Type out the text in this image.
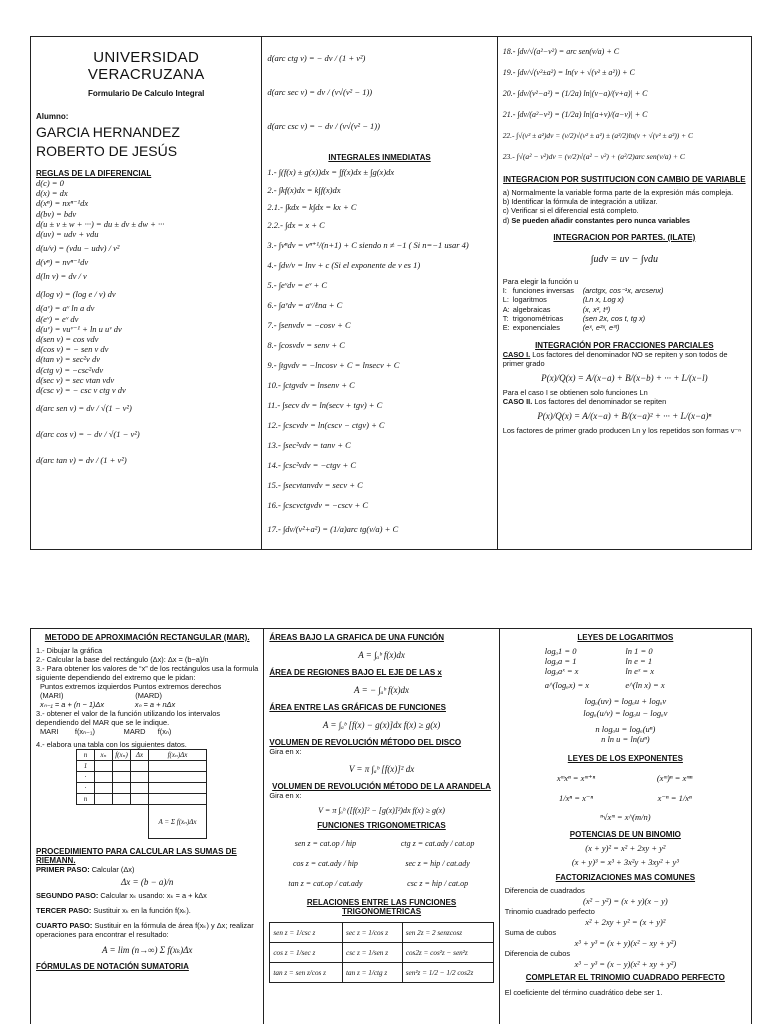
UNIVERSIDAD VERACRUZANA
Formulario De Calculo Integral
Alumno:
GARCIA HERNANDEZ
ROBERTO DE JESÚS
REGLAS DE LA DIFERENCIAL
d(c) = 0
d(x) = dx
d(xⁿ) = nxⁿ⁻¹dx
d(bv) = bdv
d(u ± v ± w + ···) = du ± dv ± dw + ···
d(uv) = udv + vdu
d(u/v) = (vdu − udv) / v²
d(vⁿ) = nvⁿ⁻¹dv
d(ln v) = dv / v
d(log v) = (log e / v) dv
d(aᵛ) = aᵛ ln a dv
d(eᵛ) = eᵛ dv
d(uᵛ) = vuᵛ⁻¹ + ln u uᵛ dv
d(sen v) = cos vdv
d(cos v) = − sen v dv
d(tan v) = sec²v dv
d(ctg v) = −csc²vdv
d(sec v) = sec vtan vdv
d(csc v) = − csc v ctg v dv
d(arc sen v) = dv / √(1 − v²)
d(arc cos v) = − dv / √(1 − v²)
d(arc tan v) = dv / (1 + v²)
d(arc ctg v) = − dv / (1 + v²)
d(arc sec v) = dv / (v√(v² − 1))
d(arc csc v) = − dv / (v√(v² − 1))
INTEGRALES INMEDIATAS
1.- ∫(f(x) ± g(x))dx = ∫f(x)dx ± ∫g(x)dx
2.- ∫kf(x)dx = k∫f(x)dx
2.1.- ∫kdx = k∫dx = kx + C
2.2.- ∫dx = x + C
3.- ∫vⁿdv = vⁿ⁺¹/(n+1) + C siendo n ≠ −1 ( Si n=−1 usar 4)
4.- ∫dv/v = lnv + c (Si el exponente de v es 1)
5.- ∫eᵛdv = eᵛ + C
6.- ∫aᵛdv = aᵛ/ℓna + C
7.- ∫senvdv = −cosv + C
8.- ∫cosvdv = senv + C
9.- ∫tgvdv = −lncosv + C = lnsecv + C
10.- ∫ctgvdv = lnsenv + C
11.- ∫secv dv = ln(secv + tgv) + C
12.- ∫cscvdv = ln(cscv − ctgv) + C
13.- ∫sec²vdv = tanv + C
14.- ∫csc²vdv = −ctgv + C
15.- ∫secvtanvdv = secv + C
16.- ∫cscvctgvdv = −cscv + C
17.- ∫dv/(v²+a²) = (1/a)arc tg(v/a) + C
18.- ∫dv/√(a²−v²) = arc sen(v/a) + C
19.- ∫dv/√(v²±a²) = ln(v + √(v² ± a²)) + C
20.- ∫dv/(v²−a²) = (1/2a) ln|(v−a)/(v+a)| + C
21.- ∫dv/(a²−v²) = (1/2a) ln|(a+v)/(a−v)| + C
22.- ∫√(v² ± a²)dv = (v/2)√(v² ± a²) ± (a²/2)ln(v + √(v² ± a²)) + C
23.- ∫√(a² − v²)dv = (v/2)√(a² − v²) + (a²/2)arc sen(v/a) + C
INTEGRACION POR SUSTITUCION CON CAMBIO DE VARIABLE
a) Normalmente la variable forma parte de la expresión más compleja.
b) Identificar la fórmula de integración a utilizar.
c) Verificar si el diferencial está completo.
d) Se pueden añadir constantes pero nunca variables
INTEGRACION POR PARTES. (ILATE)
∫udv = uv − ∫vdu
Para elegir la función u
I: funciones inversas (arctgx, cos⁻¹x, arcsenx)
L: logaritmos	(Ln x, Log x)
A: algebraicas	(x, x², t³)
T: trigonométricas	(sen 2x, cos t, tg x)
E: exponenciales	(eˣ, e²ˣ, e³ᵗ)
INTEGRACIÓN POR FRACCIONES PARCIALES
CASO I. Los factores del denominador NO se repiten y son todos de primer grado
P(x)/Q(x) = A/(x−a) + B/(x−b) + ··· + L/(x−l)
Para el caso I se obtienen solo funciones Ln
CASO II. Los factores del denominador se repiten
P(x)/Q(x) = A/(x−a) + B/(x−a)² + ··· + L/(x−a)ⁿ
Los factores de primer grado producen Ln y los repetidos son formas v⁻ⁿ
METODO DE APROXIMACIÓN RECTANGULAR (MAR).
1.- Dibujar la gráfica
2.- Calcular la base del rectángulo (Δx): Δx = (b−a)/n
3.- Para obtener los valores de “x” de los rectángulos usa la formula siguiente dependiendo del extremo que le pidan:
Puntos extremos izquierdos Puntos extremos derechos
(MARI)                                   (MARD)
xₙ₋₁ = a + (n − 1)Δx               xₙ = a + nΔx
3.- obtener el valor de la función utilizando los intervalos dependiendo del MAR que se le indique.
MARI        f(xₙ₋₁)              MARD      f(xₙ)
4.- elabora una tabla con los siguientes datos.
n	xₙ	f(xₙ)	Δx	f(xₙ)Δx
1				
·				
·				
n				
				A = Σ f(xₙ)Δx
PROCEDIMIENTO PARA CALCULAR LAS SUMAS DE RIEMANN.
PRIMER PASO: Calcular (Δx)
Δx = (b − a)/n
SEGUNDO PASO: Calcular xₖ usando: xₖ = a + kΔx
TERCER PASO: Sustituir xₖ en la función f(xₖ).
CUARTO PASO: Sustituir en la fórmula de área f(xₖ) y Δx; realizar operaciones para encontrar el resultado:
A = lim (n→∞) Σ f(xₖ)Δx
FÓRMULAS DE NOTACIÓN SUMATORIA
ÁREAS BAJO LA GRAFICA DE UNA FUNCIÓN
A = ∫ₐᵇ f(x)dx
ÁREA DE REGIONES BAJO EL EJE DE LAS x
A = − ∫ₐᵇ f(x)dx
ÁREA ENTRE LAS GRÁFICAS DE FUNCIONES
A = ∫ₐᵇ [f(x) − g(x)]dx f(x) ≥ g(x)
VOLUMEN DE REVOLUCIÓN MÉTODO DEL DISCO
Gira en x:
V = π ∫ₐᵇ [f(x)]² dx
VOLUMEN DE REVOLUCIÓN MÉTODO DE LA ARANDELA
Gira en x:
V = π ∫ₐᵇ ([f(x)]² − [g(x)]²)dx f(x) ≥ g(x)
FUNCIONES TRIGONOMETRICAS
sen z = cat.op / hip	ctg z = cat.ady / cat.op
cos z = cat.ady / hip	sec z = hip / cat.ady
tan z = cat.op / cat.ady	csc z = hip / cat.op
RELACIONES ENTRE LAS FUNCIONES TRIGONOMETRICAS
sen z = 1/csc z	sec z = 1/cos z	sen 2z = 2 senzcosz
cos z = 1/sec z	csc z = 1/sen z	cos2z = cos²z − sen²z
tan z = sen z/cos z	tan z = 1/ctg z	sen²z = 1/2 − 1/2 cos2z
LEYES DE LOGARITMOS
logₐ1 = 0	ln 1 = 0
logₐa = 1	ln e = 1
logₐaˣ = x	ln eˣ = x
a^(logₐx) = x	e^(ln x) = x
logₐ(uv) = logₐu + logₐv
logₐ(u/v) = logₐu − logₐv
n logₐu = logₐ(uⁿ)
n ln u = ln(uⁿ)
LEYES DE LOS EXPONENTES
xᵐxⁿ = xᵐ⁺ⁿ	(xᵐ)ⁿ = xᵐⁿ
1/xⁿ = x⁻ⁿ	x⁻ⁿ = 1/xⁿ
ⁿ√xᵐ = x^(m/n)
POTENCIAS DE UN BINOMIO
(x + y)² = x² + 2xy + y²
(x + y)³ = x³ + 3x²y + 3xy² + y³
FACTORIZACIONES MAS COMUNES
Diferencia de cuadrados
(x² − y²) = (x + y)(x − y)
Trinomio cuadrado perfecto
x² + 2xy + y² = (x + y)²
Suma de cubos
x³ + y³ = (x + y)(x² − xy + y²)
Diferencia de cubos
x³ − y³ = (x − y)(x² + xy + y²)
COMPLETAR EL TRINOMIO CUADRADO PERFECTO
El coeficiente del término cuadrático debe ser 1.
